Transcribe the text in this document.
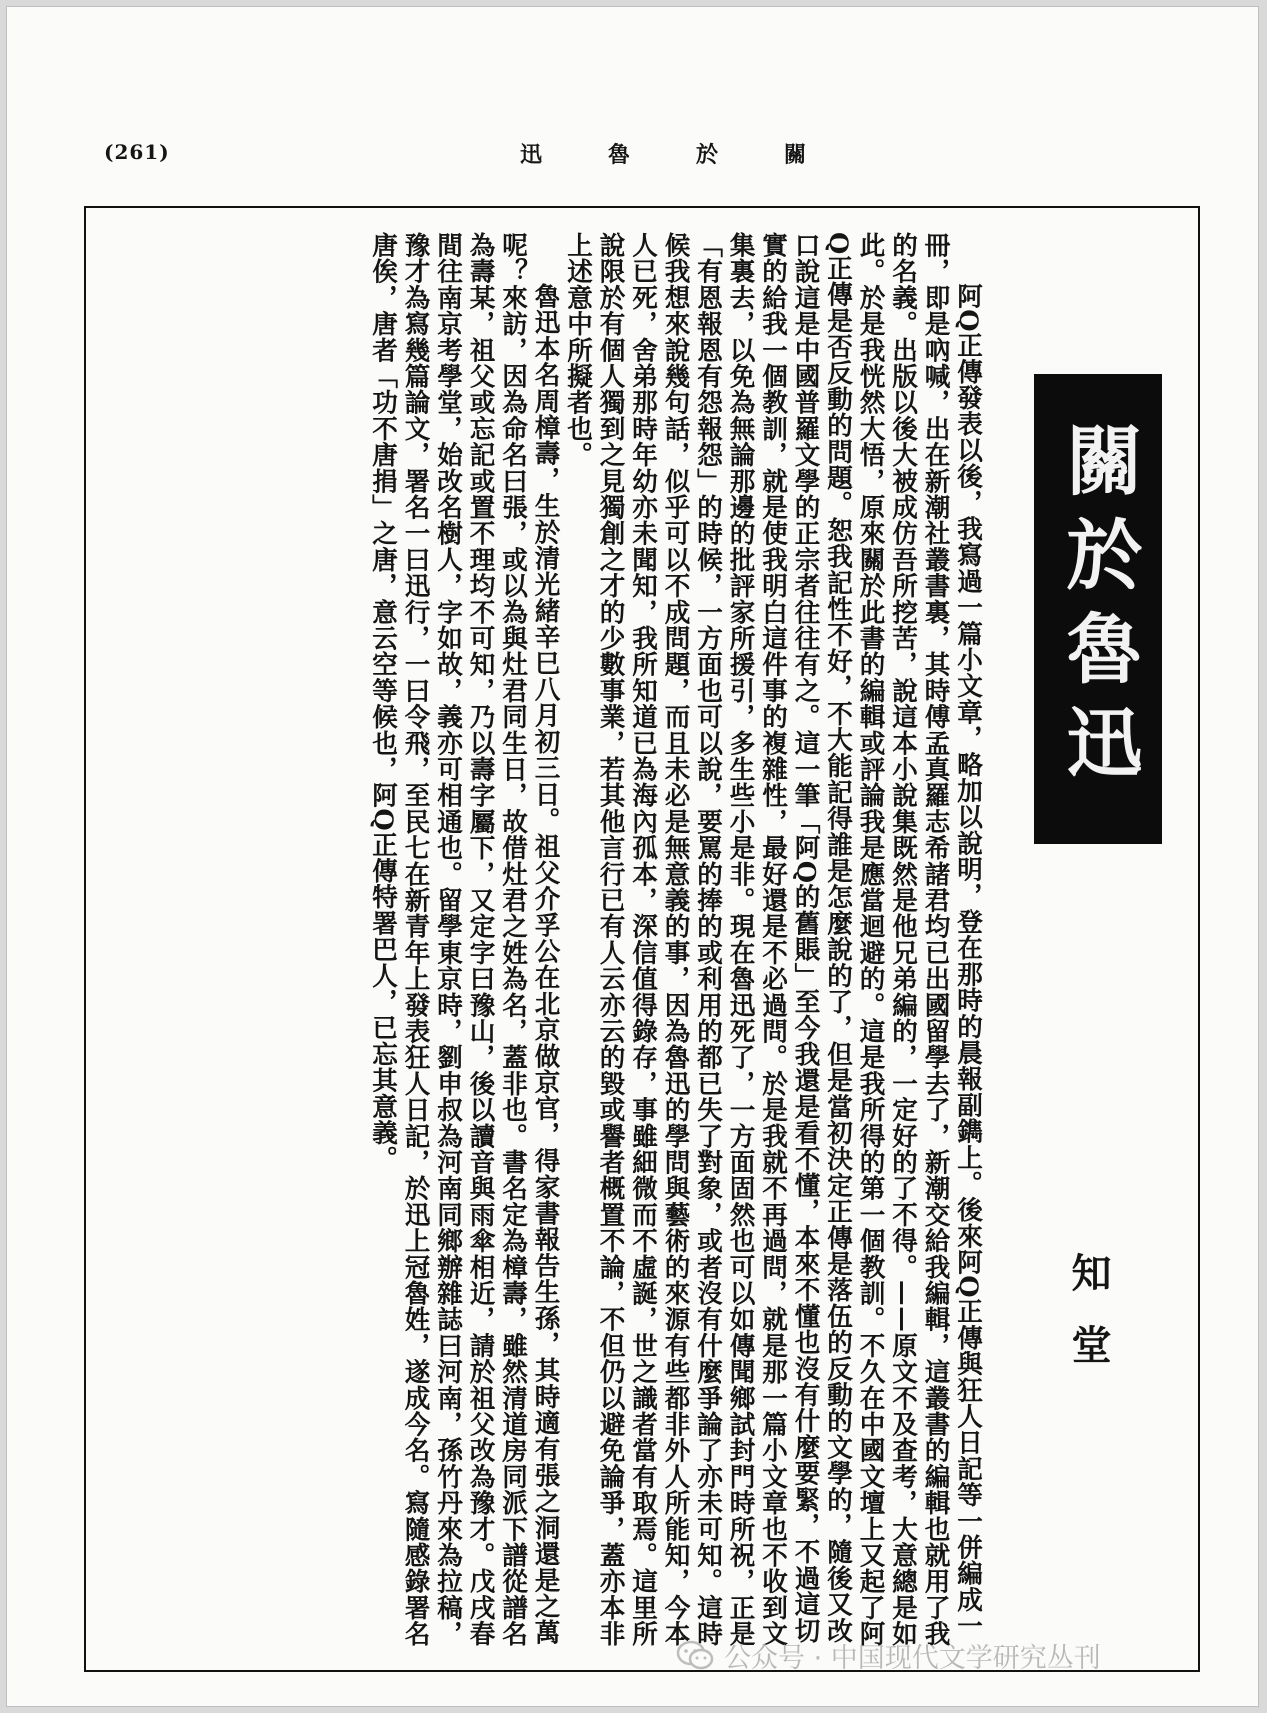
(261)	關
於
魯
迅
關於魯迅
知堂

阿Q正傳發表以後，我寫過一篇小文章，略加以說明，登在那時的晨報副鐫上。後來阿Q正傳與狂人日記等一併編成一冊，即是吶喊，出在新潮社叢書裏，其時傅孟真羅志希諸君均已出國留學去了，新潮交給我編輯，這叢書的編輯也就用了我的名義。出版以後大被成仿吾所挖苦，說這本小說集既然是他兄弟編的，一定好的了不得。——原文不及查考，大意總是如此。於是我恍然大悟，原來關於此書的編輯或評論我是應當迴避的。這是我所得的第一個教訓。不久在中國文壇上又起了阿Q正傳是否反動的問題。恕我記性不好，不大能記得誰是怎麼說的了，但是當初決定正傳是落伍的反動的文學的，隨後又改口說這是中國普羅文學的正宗者往往有之。這一筆「阿Q的舊賬」至今我還是看不懂，本來不懂也沒有什麼要緊，不過這切實的給我一個教訓，就是使我明白這件事的複雜性，最好還是不必過問。於是我就不再過問，就是那一篇小文章也不收到文集裏去，以免為無論那邊的批評家所援引，多生些小是非。現在魯迅死了，一方面固然也可以如傳聞鄉試封門時所祝，正是「有恩報恩有怨報怨」的時候，一方面也可以說，要罵的捧的或利用的都已失了對象，或者沒有什麼爭論了亦未可知。這時候我想來說幾句話，似乎可以不成問題，而且未必是無意義的事，因為魯迅的學問與藝術的來源有些都非外人所能知，今本人已死，舍弟那時年幼亦未聞知，我所知道已為海內孤本，深信值得錄存，事雖細微而不虛誕，世之識者當有取焉。這里所說限於有個人獨到之見獨創之才的少數事業，若其他言行已有人云亦云的毀或譽者概置不論，不但仍以避免論爭，蓋亦本非上述意中所擬者也。

魯迅本名周樟壽，生於清光緒辛巳八月初三日。祖父介孚公在北京做京官，得家書報告生孫，其時適有張之洞還是之萬呢？來訪，因為命名曰張，或以為與灶君同生日，故借灶君之姓為名，蓋非也。書名定為樟壽，雖然清道房同派下譜從譜名為壽某，祖父或忘記或置不理均不可知，乃以壽字屬下，又定字曰豫山，後以讀音與雨傘相近，請於祖父改為豫才。戊戌春間往南京考學堂，始改名樹人，字如故，義亦可相通也。留學東京時，劉申叔為河南同鄉辦雜誌曰河南，孫竹丹來為拉稿，豫才為寫幾篇論文，署名一曰迅行，一曰令飛，至民七在新青年上發表狂人日記，於迅上冠魯姓，遂成今名。寫隨感錄署名唐俟，唐者「功不唐捐」之唐，意云空等候也，阿Q正傳特署巴人，已忘其意義。

公众号 · 中国现代文学研究丛刊
